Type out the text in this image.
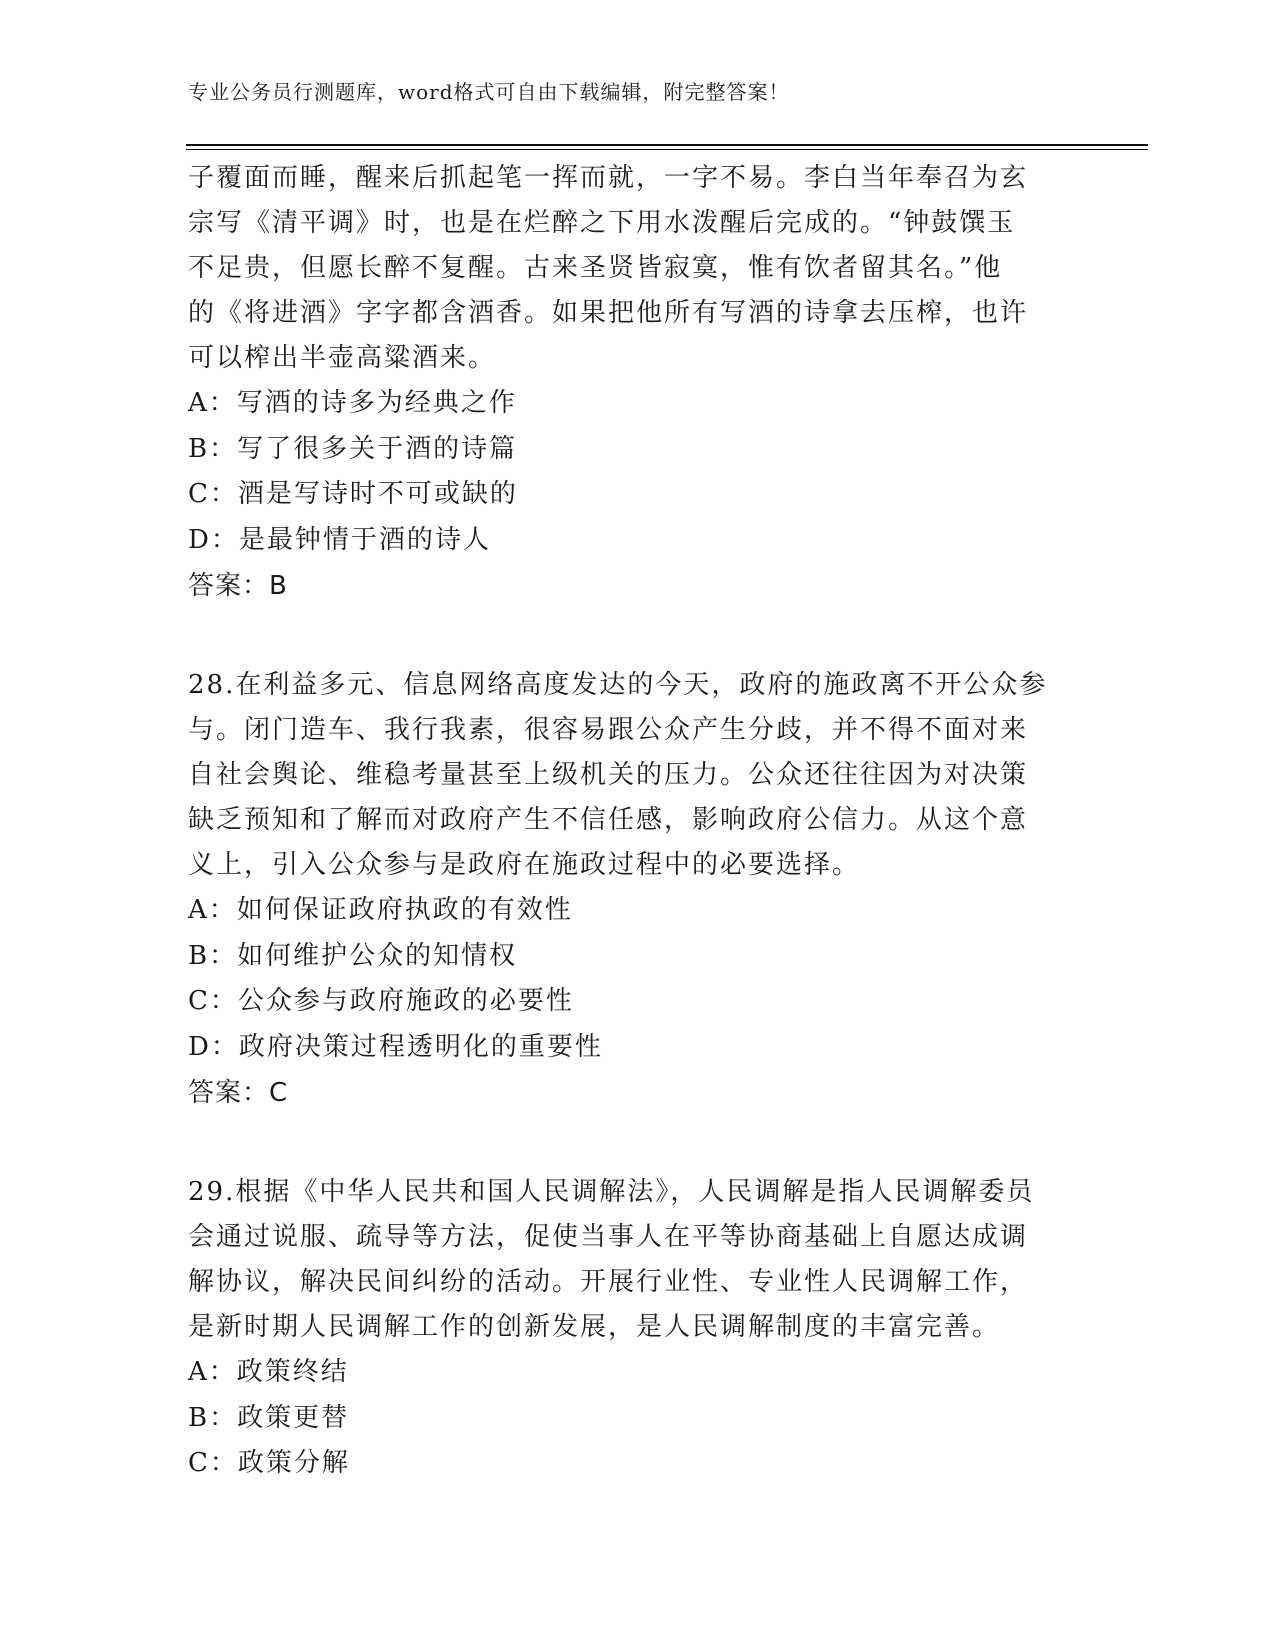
专业公务员行测题库，word格式可自由下载编辑，附完整答案！
子覆面而睡，醒来后抓起笔一挥而就，一字不易。李白当年奉召为玄
宗写《清平调》时，也是在烂醉之下用水泼醒后完成的。“钟鼓馔玉
不足贵，但愿长醉不复醒。古来圣贤皆寂寞，惟有饮者留其名。”他
的《将进酒》字字都含酒香。如果把他所有写酒的诗拿去压榨，也许
可以榨出半壶高粱酒来。
A：写酒的诗多为经典之作
B：写了很多关于酒的诗篇
C：酒是写诗时不可或缺的
D：是最钟情于酒的诗人
答案：B
28.在利益多元、信息网络高度发达的今天，政府的施政离不开公众参
与。闭门造车、我行我素，很容易跟公众产生分歧，并不得不面对来
自社会舆论、维稳考量甚至上级机关的压力。公众还往往因为对决策
缺乏预知和了解而对政府产生不信任感，影响政府公信力。从这个意
义上，引入公众参与是政府在施政过程中的必要选择。
A：如何保证政府执政的有效性
B：如何维护公众的知情权
C：公众参与政府施政的必要性
D：政府决策过程透明化的重要性
答案：C
29.根据《中华人民共和国人民调解法》，人民调解是指人民调解委员
会通过说服、疏导等方法，促使当事人在平等协商基础上自愿达成调
解协议，解决民间纠纷的活动。开展行业性、专业性人民调解工作，
是新时期人民调解工作的创新发展，是人民调解制度的丰富完善。
A：政策终结
B：政策更替
C：政策分解
